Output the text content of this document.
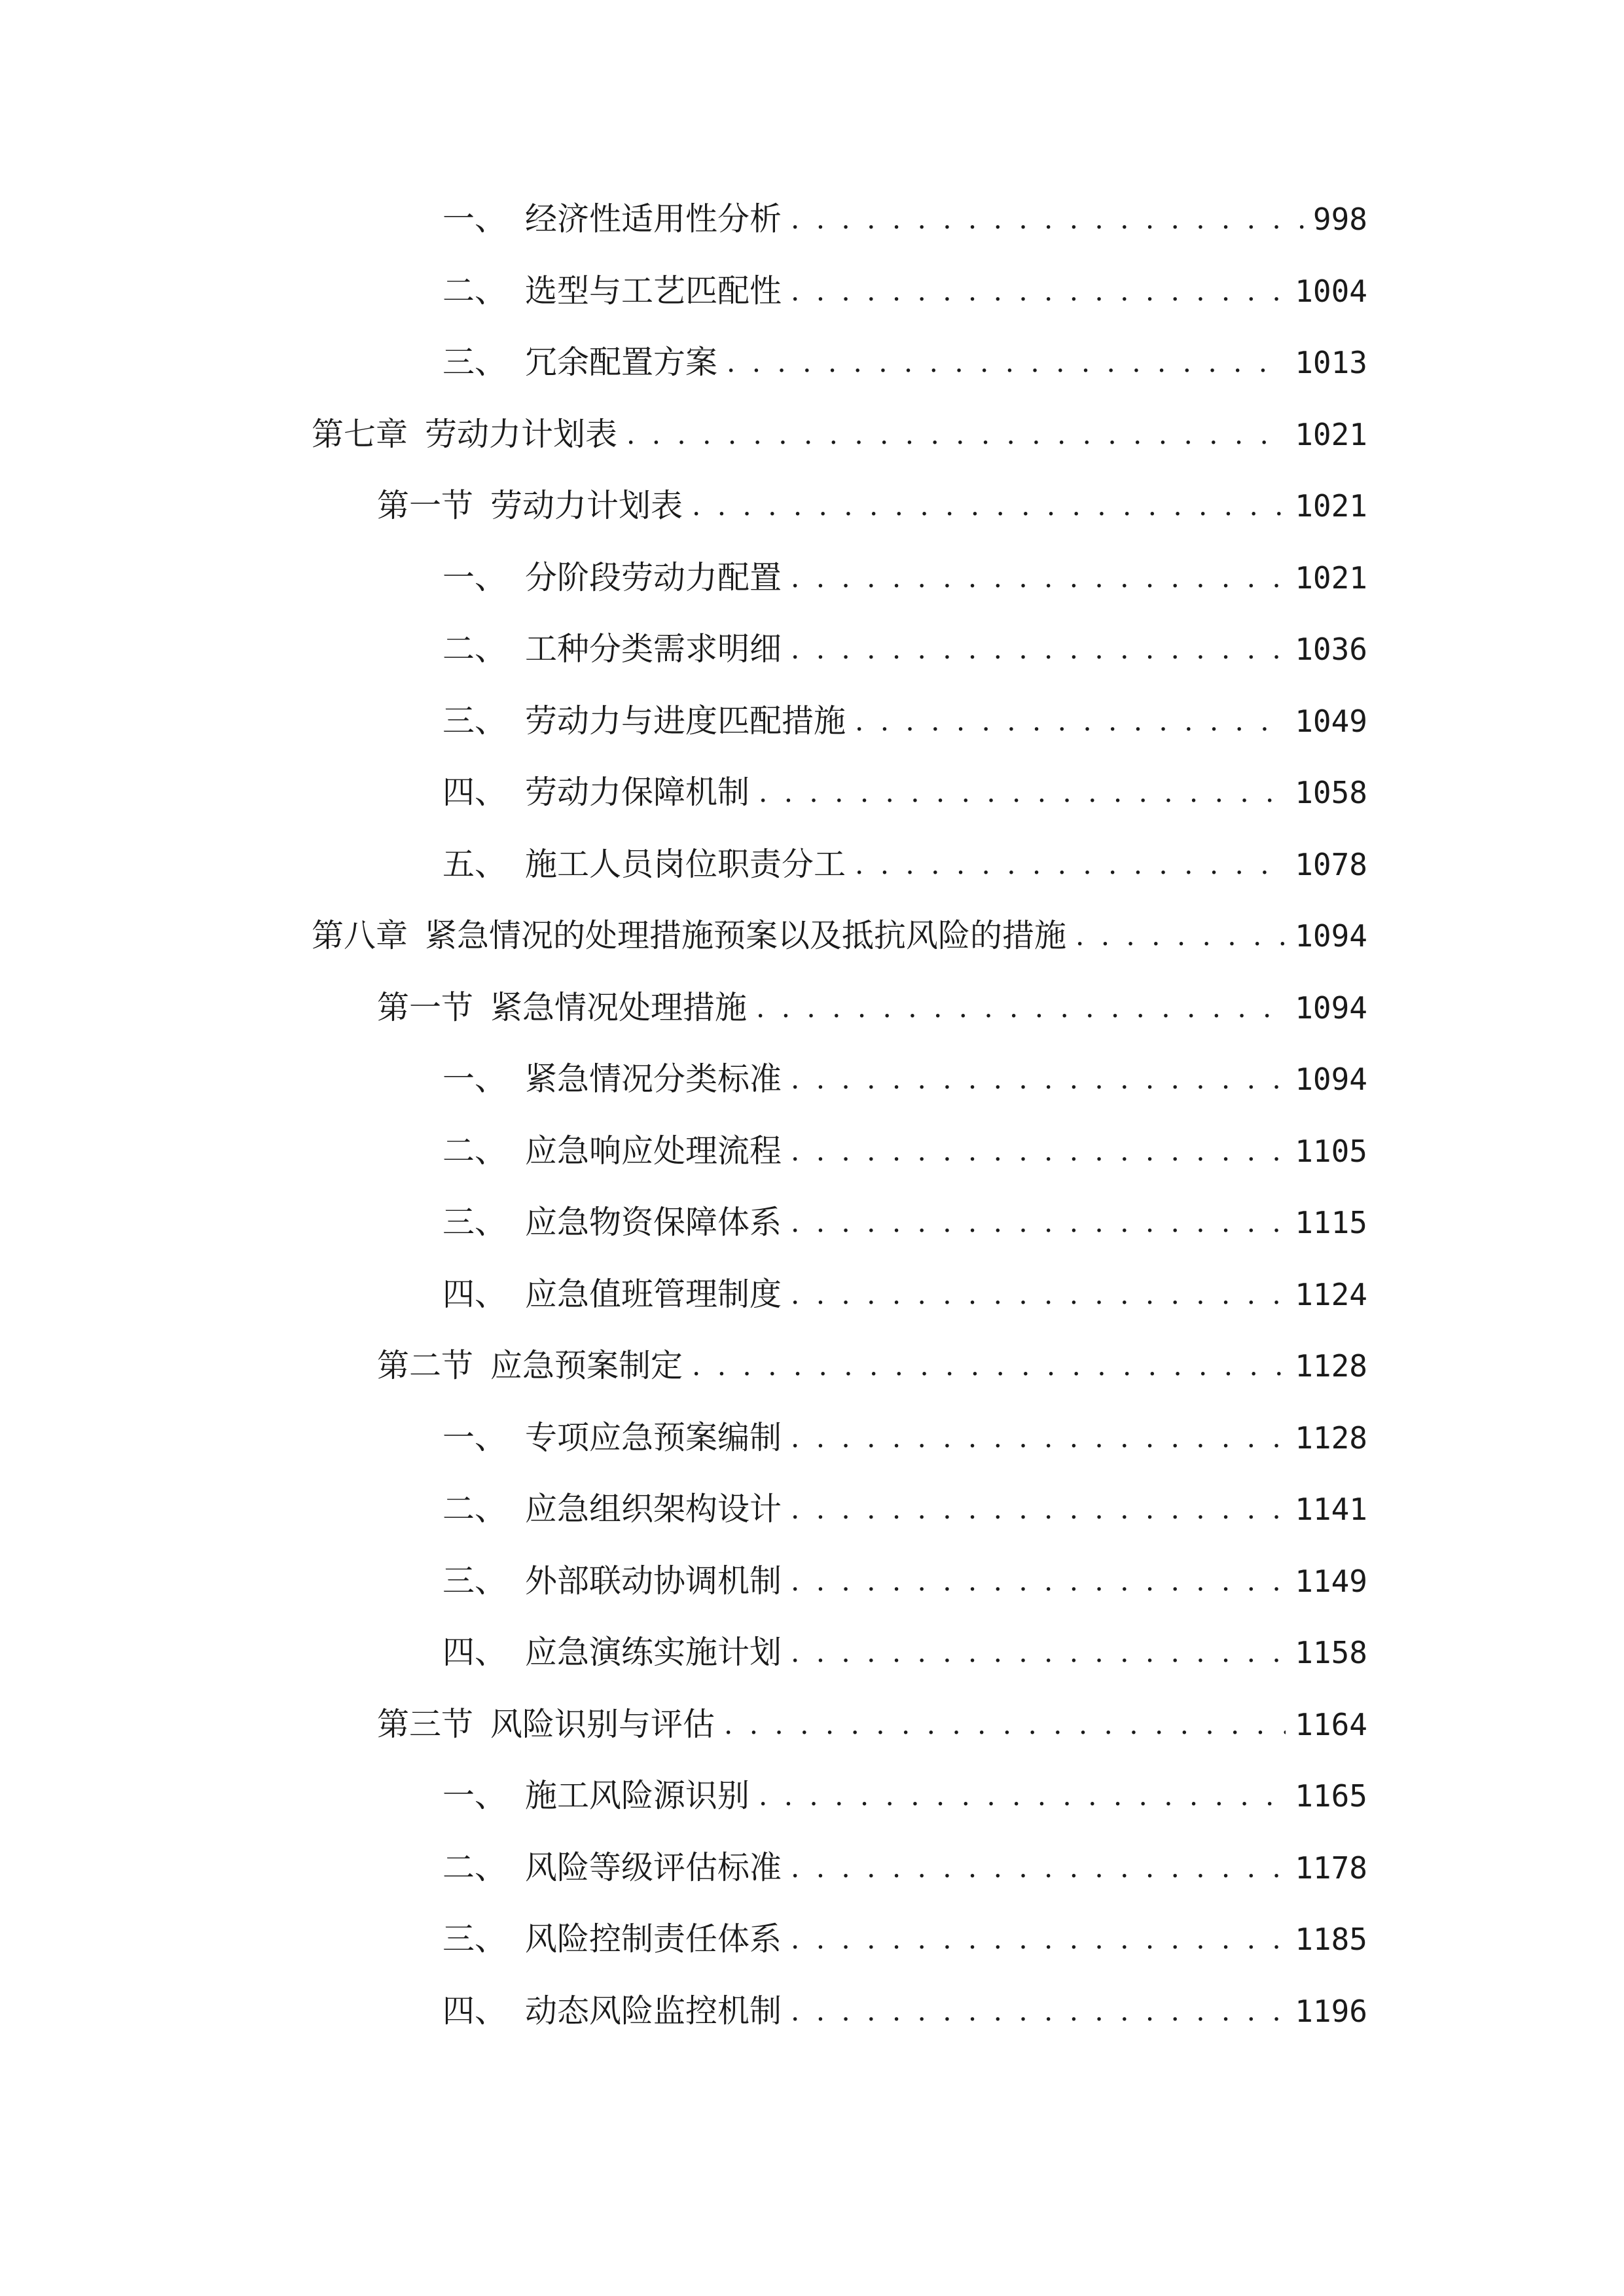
一、 经济性适用性分析 . . .	998
二、 选型与工艺匹配性 . . .	1004
三、 冗余配置方案 . . .	1013
第七章 劳动力计划表 . . .	1021
第一节 劳动力计划表 . . .	1021
一、 分阶段劳动力配置 . . .	1021
二、 工种分类需求明细 . . .	1036
三、 劳动力与进度匹配措施 . . .	1049
四、 劳动力保障机制 . . .	1058
五、 施工人员岗位职责分工 . . .	1078
第八章 紧急情况的处理措施预案以及抵抗风险的措施 . . .	1094
第一节 紧急情况处理措施 . . .	1094
一、 紧急情况分类标准 . . .	1094
二、 应急响应处理流程 . . .	1105
三、 应急物资保障体系 . . .	1115
四、 应急值班管理制度 . . .	1124
第二节 应急预案制定 . . .	1128
一、 专项应急预案编制 . . .	1128
二、 应急组织架构设计 . . .	1141
三、 外部联动协调机制 . . .	1149
四、 应急演练实施计划 . . .	1158
第三节 风险识别与评估 . . .	1164
一、 施工风险源识别 . . .	1165
二、 风险等级评估标准 . . .	1178
三、 风险控制责任体系 . . .	1185
四、 动态风险监控机制 . . .	1196
